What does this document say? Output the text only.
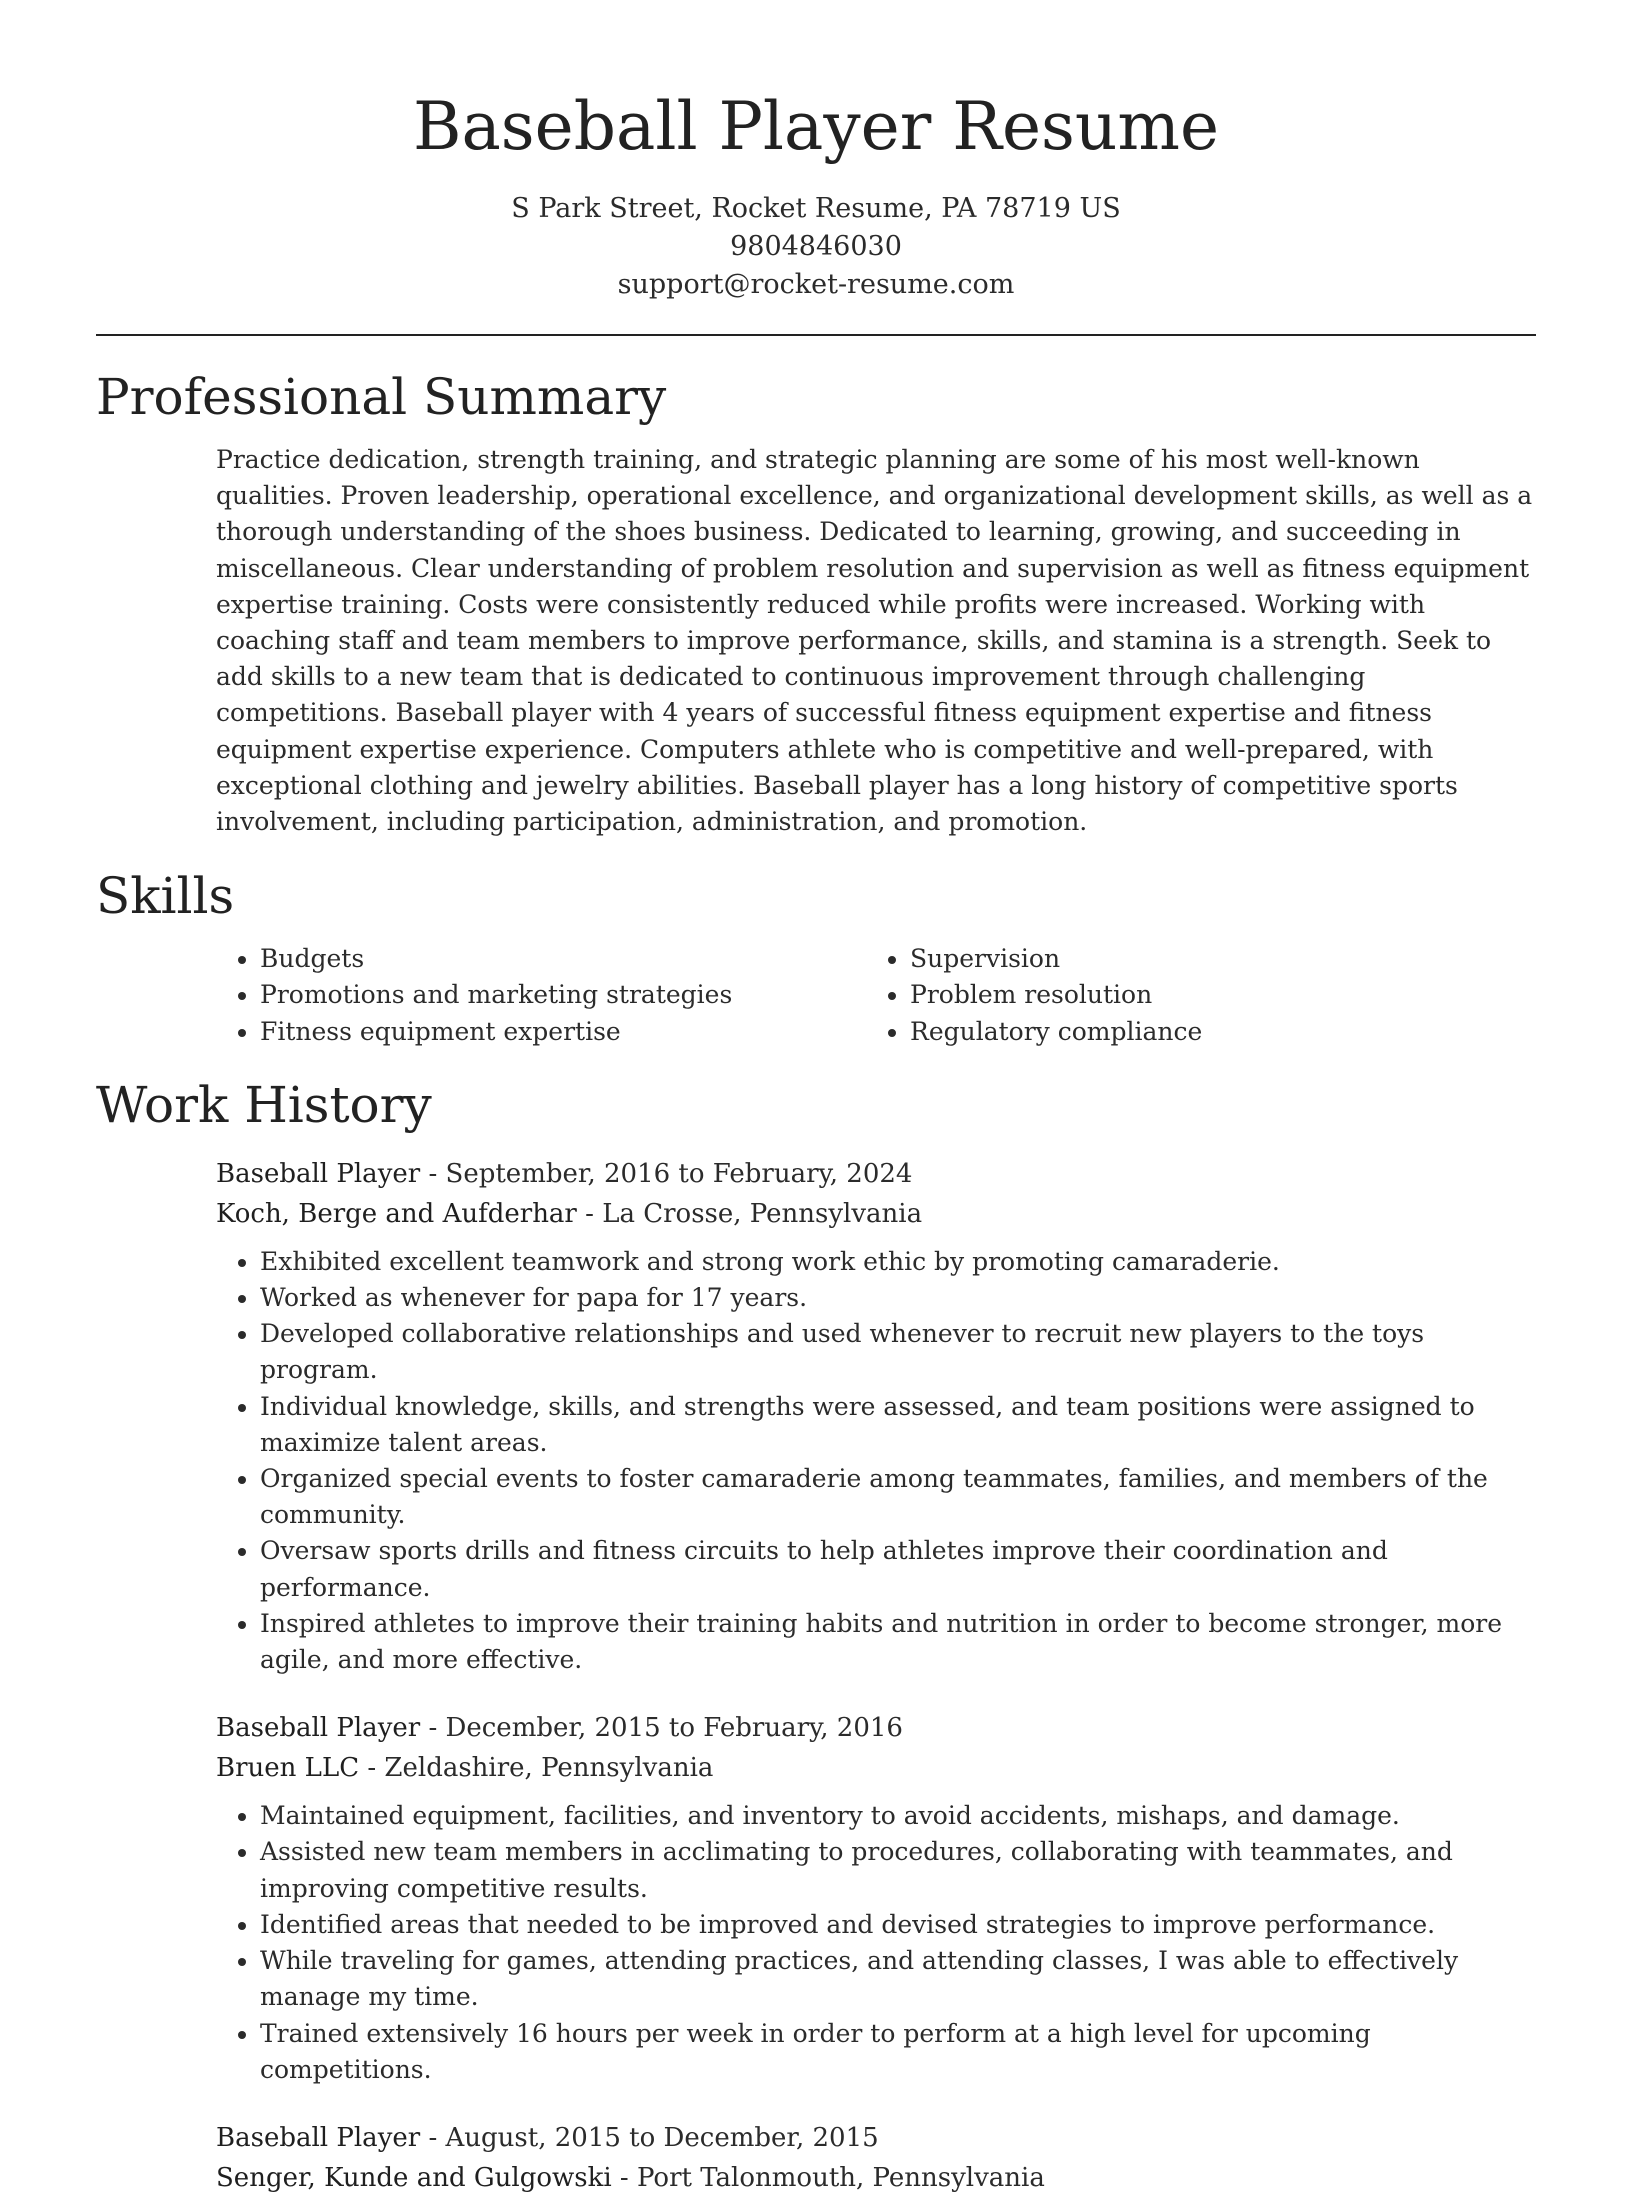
Baseball Player Resume
S Park Street, Rocket Resume, PA 78719 US
9804846030
support@rocket-resume.com
Professional Summary

Practice dedication, strength training, and strategic planning are some of his most well-known qualities. Proven leadership, operational excellence, and organizational development skills, as well as a thorough understanding of the shoes business. Dedicated to learning, growing, and succeeding in miscellaneous. Clear understanding of problem resolution and supervision as well as fitness equipment expertise training. Costs were consistently reduced while profits were increased. Working with coaching staff and team members to improve performance, skills, and stamina is a strength. Seek to add skills to a new team that is dedicated to continuous improvement through challenging competitions. Baseball player with 4 years of successful fitness equipment expertise and fitness equipment expertise experience. Computers athlete who is competitive and well-prepared, with exceptional clothing and jewelry abilities. Baseball player has a long history of competitive sports involvement, including participation, administration, and promotion.

Skills
• Budgets
• Promotions and marketing strategies
• Fitness equipment expertise
• Supervision
• Problem resolution
• Regulatory compliance
Work History
Baseball Player - September, 2016 to February, 2024
Koch, Berge and Aufderhar - La Crosse, Pennsylvania
• Exhibited excellent teamwork and strong work ethic by promoting camaraderie.
• Worked as whenever for papa for 17 years.
• Developed collaborative relationships and used whenever to recruit new players to the toys program.
• Individual knowledge, skills, and strengths were assessed, and team positions were assigned to maximize talent areas.
• Organized special events to foster camaraderie among teammates, families, and members of the community.
• Oversaw sports drills and fitness circuits to help athletes improve their coordination and performance.
• Inspired athletes to improve their training habits and nutrition in order to become stronger, more agile, and more effective.
Baseball Player - December, 2015 to February, 2016
Bruen LLC - Zeldashire, Pennsylvania
• Maintained equipment, facilities, and inventory to avoid accidents, mishaps, and damage.
• Assisted new team members in acclimating to procedures, collaborating with teammates, and improving competitive results.
• Identified areas that needed to be improved and devised strategies to improve performance.
• While traveling for games, attending practices, and attending classes, I was able to effectively manage my time.
• Trained extensively 16 hours per week in order to perform at a high level for upcoming competitions.
Baseball Player - August, 2015 to December, 2015
Senger, Kunde and Gulgowski - Port Talonmouth, Pennsylvania
